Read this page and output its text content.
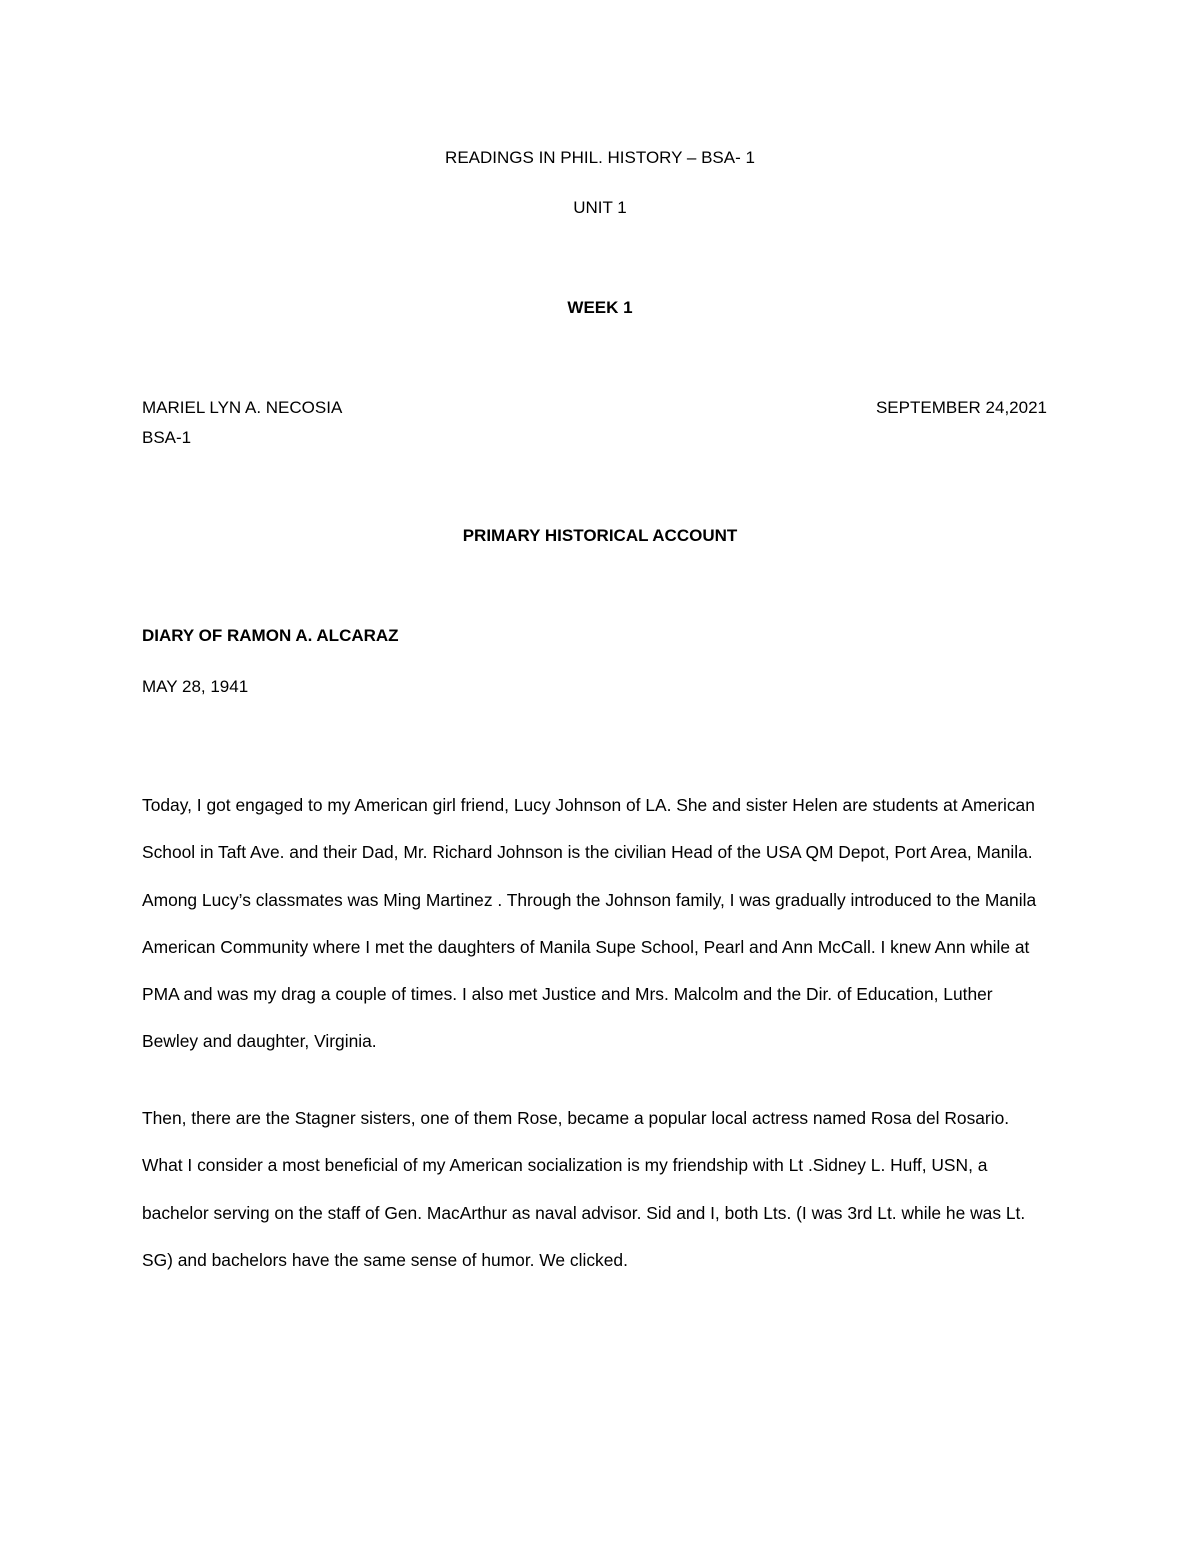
READINGS IN PHIL. HISTORY – BSA- 1
UNIT 1
WEEK 1
MARIEL LYN A. NECOSIA	SEPTEMBER 24,2021
BSA-1
PRIMARY HISTORICAL ACCOUNT
DIARY OF RAMON A. ALCARAZ
MAY 28, 1941

Today, I got engaged to my American girl friend, Lucy Johnson of LA. She and sister Helen are students at American School in Taft Ave. and their Dad, Mr. Richard Johnson is the civilian Head of the USA QM Depot, Port Area, Manila. Among Lucy’s classmates was Ming Martinez . Through the Johnson family, I was gradually introduced to the Manila American Community where I met the daughters of Manila Supe School, Pearl and Ann McCall. I knew Ann while at PMA and was my drag a couple of times. I also met Justice and Mrs. Malcolm and the Dir. of Education, Luther Bewley and daughter, Virginia.

Then, there are the Stagner sisters, one of them Rose, became a popular local actress named Rosa del Rosario. What I consider a most beneficial of my American socialization is my friendship with Lt .Sidney L. Huff, USN, a bachelor serving on the staff of Gen. MacArthur as naval advisor. Sid and I, both Lts. (I was 3rd Lt. while he was Lt. SG) and bachelors have the same sense of humor. We clicked.
